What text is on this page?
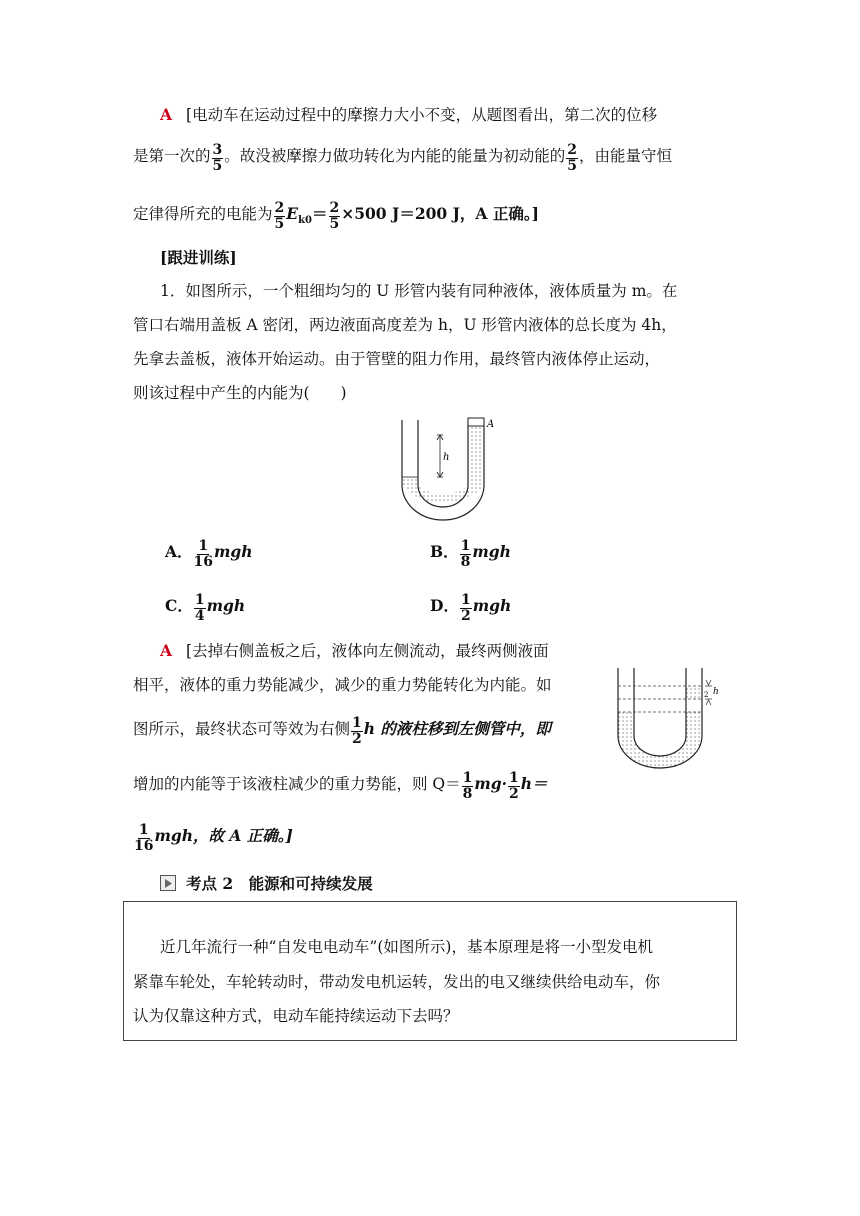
A [电动车在运动过程中的摩擦力大小不变，从题图看出，第二次的位移
是第一次的 $\frac{3}{5}$ 。故没被摩擦力做功转化为内能的能量为初动能的 $\frac{2}{5}$ ，由能量守恒
定律得所充的电能为 $\frac{2}{5} E_{k0}= \frac{2}{5} \times 500$ J＝200 J，A 正确。]
[跟进训练]
1．如图所示，一个粗细均匀的 U 形管内装有同种液体，液体质量为 m。在
管口右端用盖板 A 密闭，两边液面高度差为 h，U 形管内液体的总长度为 4h，
先拿去盖板，液体开始运动。由于管壁的阻力作用，最终管内液体停止运动，
则该过程中产生的内能为(　　)
h
A
A． $\frac{1}{16}$ mgh	B． $\frac{1}{8}$ mgh
C． $\frac{1}{4}$ mgh	D． $\frac{1}{2}$ mgh
A [去掉右侧盖板之后，液体向左侧流动，最终两侧液面
相平，液体的重力势能减少，减少的重力势能转化为内能。如
图所示，最终状态可等效为右侧 $\frac{1}{2}$ h 的液柱移到左侧管中，即
增加的内能等于该液柱减少的重力势能，则 $Q= \frac{1}{8} mg\cdot \frac{1}{2} h=$
$\frac{1}{16}$ mgh，故 A 正确。]
2 h
考点 2　能源和可持续发展
近几年流行一种“自发电电动车”(如图所示)，基本原理是将一小型发电机
紧靠车轮处，车轮转动时，带动发电机运转，发出的电又继续供给电动车，你
认为仅靠这种方式，电动车能持续运动下去吗？
